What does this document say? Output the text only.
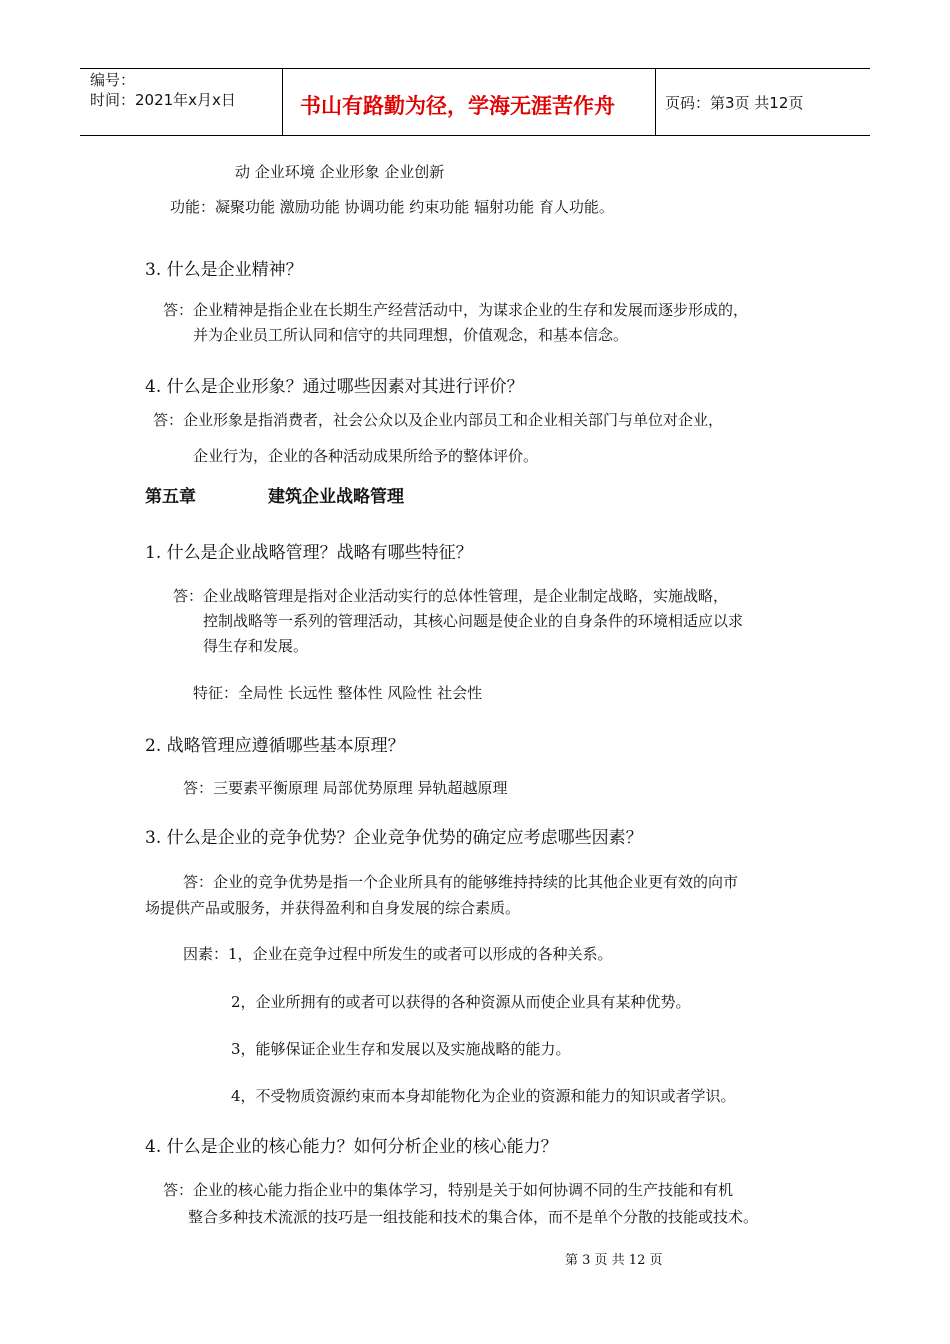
编号：
时间：2021年x月x日	书山有路勤为径，学海无涯苦作舟	页码：第3页 共12页
动 企业环境 企业形象 企业创新
功能：凝聚功能 激励功能 协调功能 约束功能 辐射功能 育人功能。
3. 什么是企业精神？
答：企业精神是指企业在长期生产经营活动中，为谋求企业的生存和发展而逐步形成的，
并为企业员工所认同和信守的共同理想，价值观念，和基本信念。
4. 什么是企业形象？通过哪些因素对其进行评价？
答：企业形象是指消费者，社会公众以及企业内部员工和企业相关部门与单位对企业，
企业行为，企业的各种活动成果所给予的整体评价。
第五章	建筑企业战略管理
1. 什么是企业战略管理？战略有哪些特征？
答：企业战略管理是指对企业活动实行的总体性管理，是企业制定战略，实施战略，
控制战略等一系列的管理活动，其核心问题是使企业的自身条件的环境相适应以求
得生存和发展。
特征：全局性 长远性 整体性 风险性 社会性
2. 战略管理应遵循哪些基本原理？
答：三要素平衡原理 局部优势原理 异轨超越原理
3. 什么是企业的竞争优势？企业竞争优势的确定应考虑哪些因素？
答：企业的竞争优势是指一个企业所具有的能够维持持续的比其他企业更有效的向市
场提供产品或服务，并获得盈利和自身发展的综合素质。
因素：1，企业在竞争过程中所发生的或者可以形成的各种关系。
2，企业所拥有的或者可以获得的各种资源从而使企业具有某种优势。
3，能够保证企业生存和发展以及实施战略的能力。
4，不受物质资源约束而本身却能物化为企业的资源和能力的知识或者学识。
4. 什么是企业的核心能力？如何分析企业的核心能力？
答：企业的核心能力指企业中的集体学习，特别是关于如何协调不同的生产技能和有机
整合多种技术流派的技巧是一组技能和技术的集合体，而不是单个分散的技能或技术。
第 3 页 共 12 页
